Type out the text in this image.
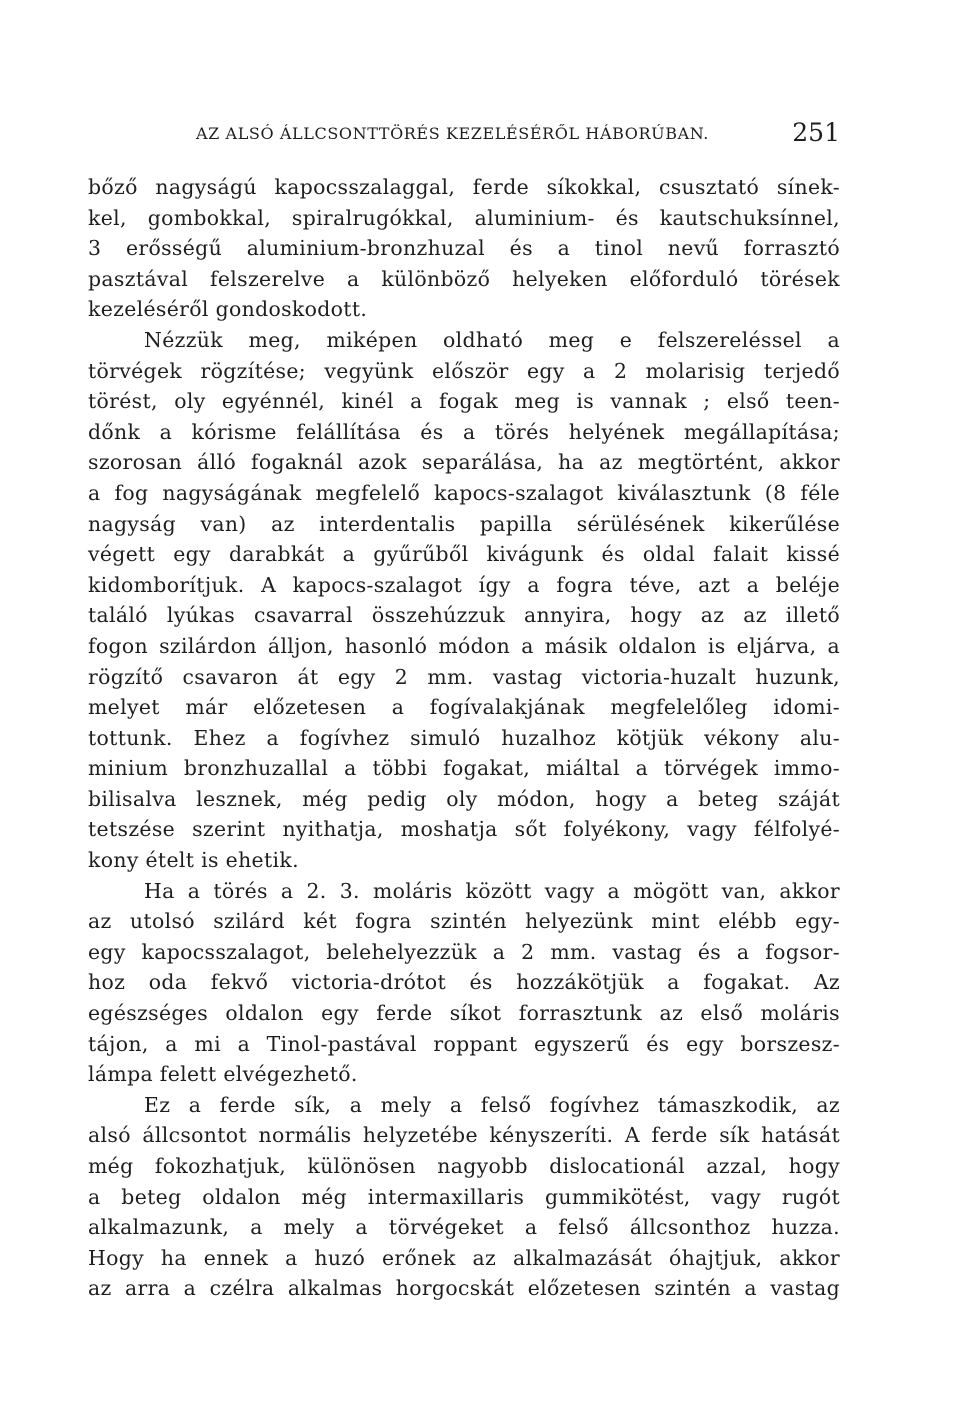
AZ ALSÓ ÁLLCSONTTÖRÉS KEZELÉSÉRŐL HÁBORÚBAN.	251
bőző nagyságú kapocsszalaggal, ferde síkokkal, csusztató sínek-
kel, gombokkal, spiralrugókkal, aluminium- és kautschuksínnel,
3 erősségű aluminium-bronzhuzal és a tinol nevű forrasztó
pasztával felszerelve a különböző helyeken előforduló törések
kezeléséről gondoskodott.
Nézzük meg, miképen oldható meg e felszereléssel a
törvégek rögzítése; vegyünk először egy a 2 molarisig terjedő
törést, oly egyénnél, kinél a fogak meg is vannak ; első teen-
dőnk a kórisme felállítása és a törés helyének megállapítása;
szorosan álló fogaknál azok separálása, ha az megtörtént, akkor
a fog nagyságának megfelelő kapocs-szalagot kiválasztunk (8 féle
nagyság van) az interdentalis papilla sérülésének kikerűlése
végett egy darabkát a gyűrűből kivágunk és oldal falait kissé
kidomborítjuk. A kapocs-szalagot így a fogra téve, azt a beléje
találó lyúkas csavarral összehúzzuk annyira, hogy az az illető
fogon szilárdon álljon, hasonló módon a másik oldalon is eljárva, a
rögzítő csavaron át egy 2 mm. vastag victoria-huzalt huzunk,
melyet már előzetesen a fogívalakjának megfelelőleg idomi-
tottunk. Ehez a fogívhez simuló huzalhoz kötjük vékony alu-
minium bronzhuzallal a többi fogakat, miáltal a törvégek immo-
bilisalva lesznek, még pedig oly módon, hogy a beteg száját
tetszése szerint nyithatja, moshatja sőt folyékony, vagy félfolyé-
kony ételt is ehetik.
Ha a törés a 2. 3. moláris között vagy a mögött van, akkor
az utolsó szilárd két fogra szintén helyezünk mint elébb egy-
egy kapocsszalagot, belehelyezzük a 2 mm. vastag és a fogsor-
hoz oda fekvő victoria-drótot és hozzákötjük a fogakat. Az
egészséges oldalon egy ferde síkot forrasztunk az első moláris
tájon, a mi a Tinol-pastával roppant egyszerű és egy borszesz-
lámpa felett elvégezhető.
Ez a ferde sík, a mely a felső fogívhez támaszkodik, az
alsó állcsontot normális helyzetébe kényszeríti. A ferde sík hatását
még fokozhatjuk, különösen nagyobb dislocationál azzal, hogy
a beteg oldalon még intermaxillaris gummikötést, vagy rugót
alkalmazunk, a mely a törvégeket a felső állcsonthoz huzza.
Hogy ha ennek a huzó erőnek az alkalmazását óhajtjuk, akkor
az arra a czélra alkalmas horgocskát előzetesen szintén a vastag
